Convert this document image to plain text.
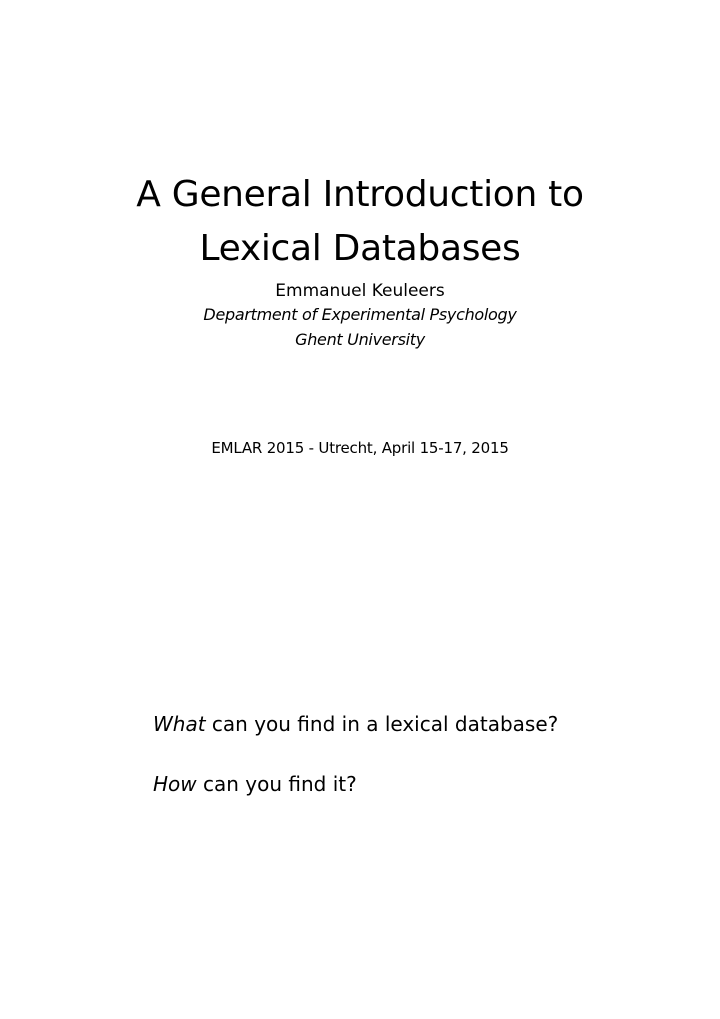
A General Introduction to

Lexical Databases

Emmanuel Keuleers
Department of Experimental Psychology
Ghent University
EMLAR 2015 - Utrecht, April 15-17, 2015
What can you find in a lexical database?
How can you find it?
